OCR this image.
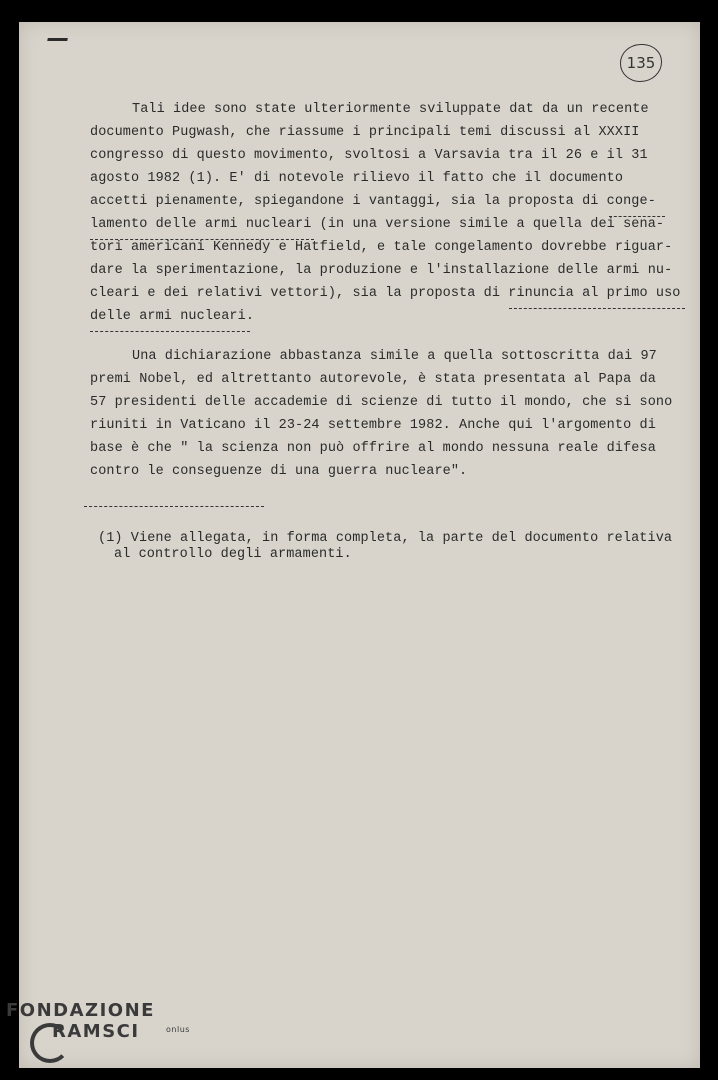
135
Tali idee sono state ulteriormente sviluppate dat da un recente
documento Pugwash, che riassume i principali temi discussi al XXXII
congresso di questo movimento, svoltosi a Varsavia tra il 26 e il 31
agosto 1982 (1). E' di notevole rilievo il fatto che il documento
accetti pienamente, spiegandone i vantaggi, sia la proposta di conge-
lamento delle armi nucleari (in una versione simile a quella dei sena-
tori americani Kennedy e Hatfield, e tale congelamento dovrebbe riguar-
dare la sperimentazione, la produzione e l'installazione delle armi nu-
cleari e dei relativi vettori), sia la proposta di rinuncia al primo uso
delle armi nucleari.
Una dichiarazione abbastanza simile a quella sottoscritta dai 97
premi Nobel, ed altrettanto autorevole, è stata presentata al Papa da
57 presidenti delle accademie di scienze di tutto il mondo, che si sono
riuniti in Vaticano il 23-24 settembre 1982. Anche qui l'argomento di
base è che " la scienza non può offrire al mondo nessuna reale difesa
contro le conseguenze di una guerra nucleare".
(1) Viene allegata, in forma completa, la parte del documento relativa
al controllo degli armamenti.
FONDAZIONE
RAMSCI	onlus
